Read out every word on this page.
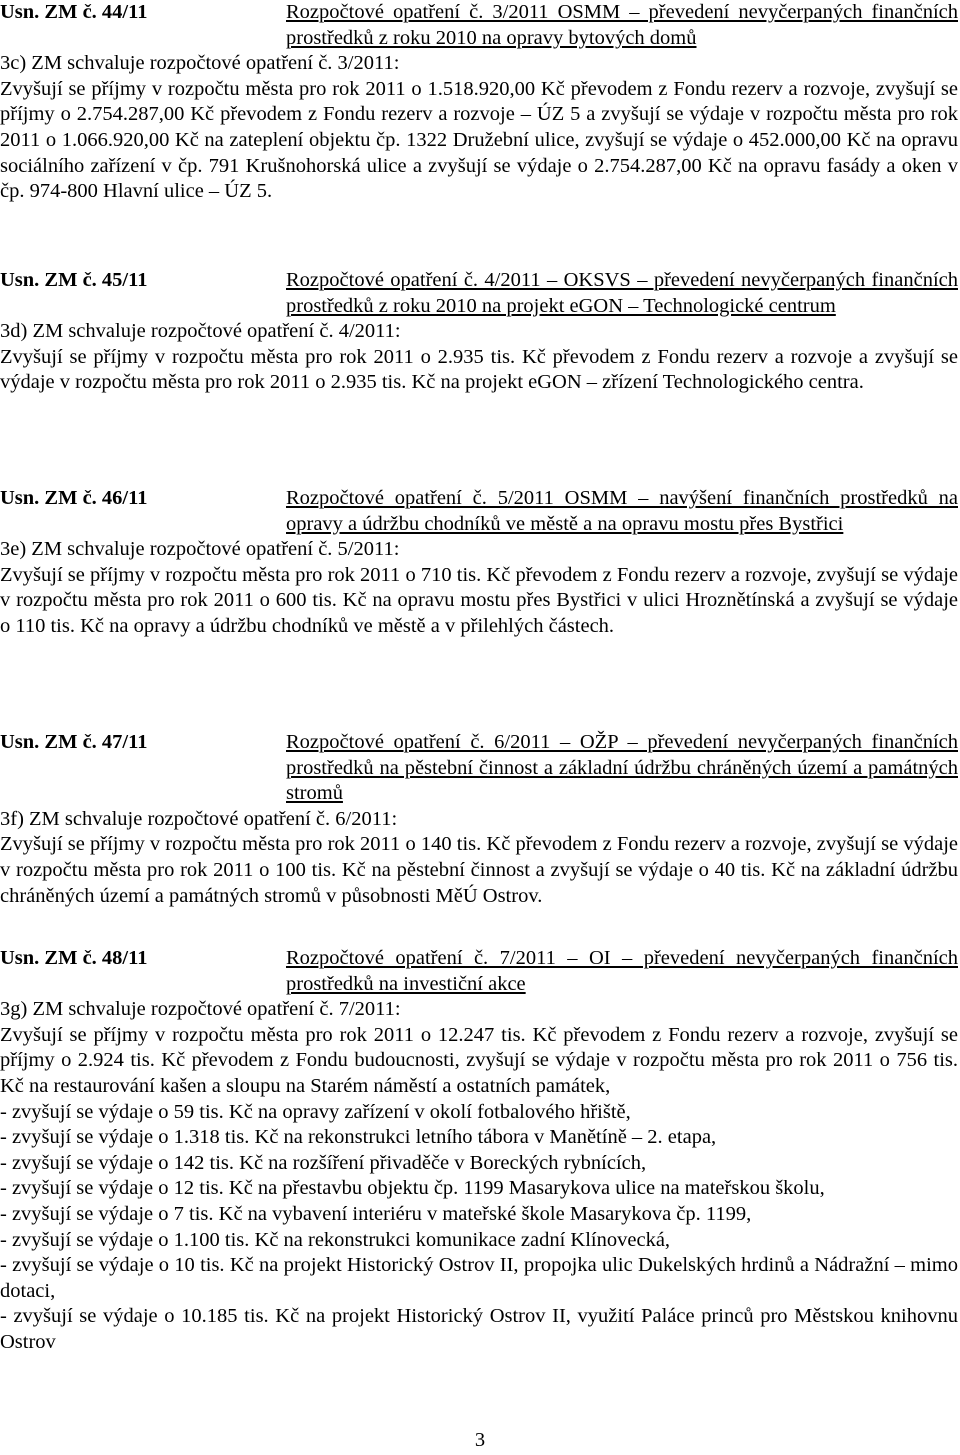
Usn. ZM č. 44/11	Rozpočtové opatření č. 3/2011 OSMM – převedení nevyčerpaných finančních prostředků z roku 2010 na opravy bytových domů
3c) ZM schvaluje rozpočtové opatření č. 3/2011:
Zvyšují se příjmy v rozpočtu města pro rok 2011 o 1.518.920,00 Kč převodem z Fondu rezerv a rozvoje, zvyšují se příjmy o 2.754.287,00 Kč převodem z Fondu rezerv a rozvoje – ÚZ 5 a zvyšují se výdaje v rozpočtu města pro rok 2011 o 1.066.920,00 Kč na zateplení objektu čp. 1322 Družební ulice, zvyšují se výdaje o 452.000,00 Kč na opravu sociálního zařízení v čp. 791 Krušnohorská ulice a zvyšují se výdaje o 2.754.287,00 Kč na opravu fasády a oken v čp. 974-800 Hlavní ulice – ÚZ 5.
Usn. ZM č. 45/11	Rozpočtové opatření č. 4/2011 – OKSVS – převedení nevyčerpaných finančních prostředků z roku 2010 na projekt eGON – Technologické centrum
3d) ZM schvaluje rozpočtové opatření č. 4/2011:
Zvyšují se příjmy v rozpočtu města pro rok 2011 o 2.935 tis. Kč převodem z Fondu rezerv a rozvoje a zvyšují se výdaje v rozpočtu města pro rok 2011 o 2.935 tis. Kč na projekt eGON – zřízení Technologického centra.
Usn. ZM č. 46/11	Rozpočtové opatření č. 5/2011 OSMM – navýšení finančních prostředků na opravy a údržbu chodníků ve městě a na opravu mostu přes Bystřici
3e) ZM schvaluje rozpočtové opatření č. 5/2011:
Zvyšují se příjmy v rozpočtu města pro rok 2011 o 710 tis. Kč převodem z Fondu rezerv a rozvoje, zvyšují se výdaje v rozpočtu města pro rok 2011 o 600 tis. Kč na opravu mostu přes Bystřici v ulici Hroznětínská a zvyšují se výdaje o 110 tis. Kč na opravy a údržbu chodníků ve městě a v přilehlých částech.
Usn. ZM č. 47/11	Rozpočtové opatření č. 6/2011 – OŽP – převedení nevyčerpaných finančních prostředků na pěstební činnost a základní údržbu chráněných území a památných stromů
3f) ZM schvaluje rozpočtové opatření č. 6/2011:
Zvyšují se příjmy v rozpočtu města pro rok 2011 o 140 tis. Kč převodem z Fondu rezerv a rozvoje, zvyšují se výdaje v rozpočtu města pro rok 2011 o 100 tis. Kč na pěstební činnost a zvyšují se výdaje o 40 tis. Kč na základní údržbu chráněných území a památných stromů v působnosti MěÚ Ostrov.
Usn. ZM č. 48/11	Rozpočtové opatření č. 7/2011 – OI – převedení nevyčerpaných finančních prostředků na investiční akce
3g) ZM schvaluje rozpočtové opatření č. 7/2011:
Zvyšují se příjmy v rozpočtu města pro rok 2011 o 12.247 tis. Kč převodem z Fondu rezerv a rozvoje, zvyšují se příjmy o 2.924 tis. Kč převodem z Fondu budoucnosti, zvyšují se výdaje v rozpočtu města pro rok 2011 o 756 tis. Kč na restaurování kašen a sloupu na Starém náměstí a ostatních památek,
- zvyšují se výdaje o 59 tis. Kč na opravy zařízení v okolí fotbalového hřiště,
- zvyšují se výdaje o 1.318 tis. Kč na rekonstrukci letního tábora v Manětíně – 2. etapa,
- zvyšují se výdaje o 142 tis. Kč na rozšíření přivaděče v Boreckých rybnících,
- zvyšují se výdaje o 12 tis. Kč na přestavbu objektu čp. 1199 Masarykova ulice na mateřskou školu,
- zvyšují se výdaje o 7 tis. Kč na vybavení interiéru v mateřské škole Masarykova čp. 1199,
- zvyšují se výdaje o 1.100 tis. Kč na rekonstrukci komunikace zadní Klínovecká,
- zvyšují se výdaje o 10 tis. Kč na projekt Historický Ostrov II, propojka ulic Dukelských hrdinů a Nádražní – mimo dotaci,
- zvyšují se výdaje o 10.185 tis. Kč na projekt Historický Ostrov II, využití Paláce princů pro Městskou knihovnu Ostrov
3
